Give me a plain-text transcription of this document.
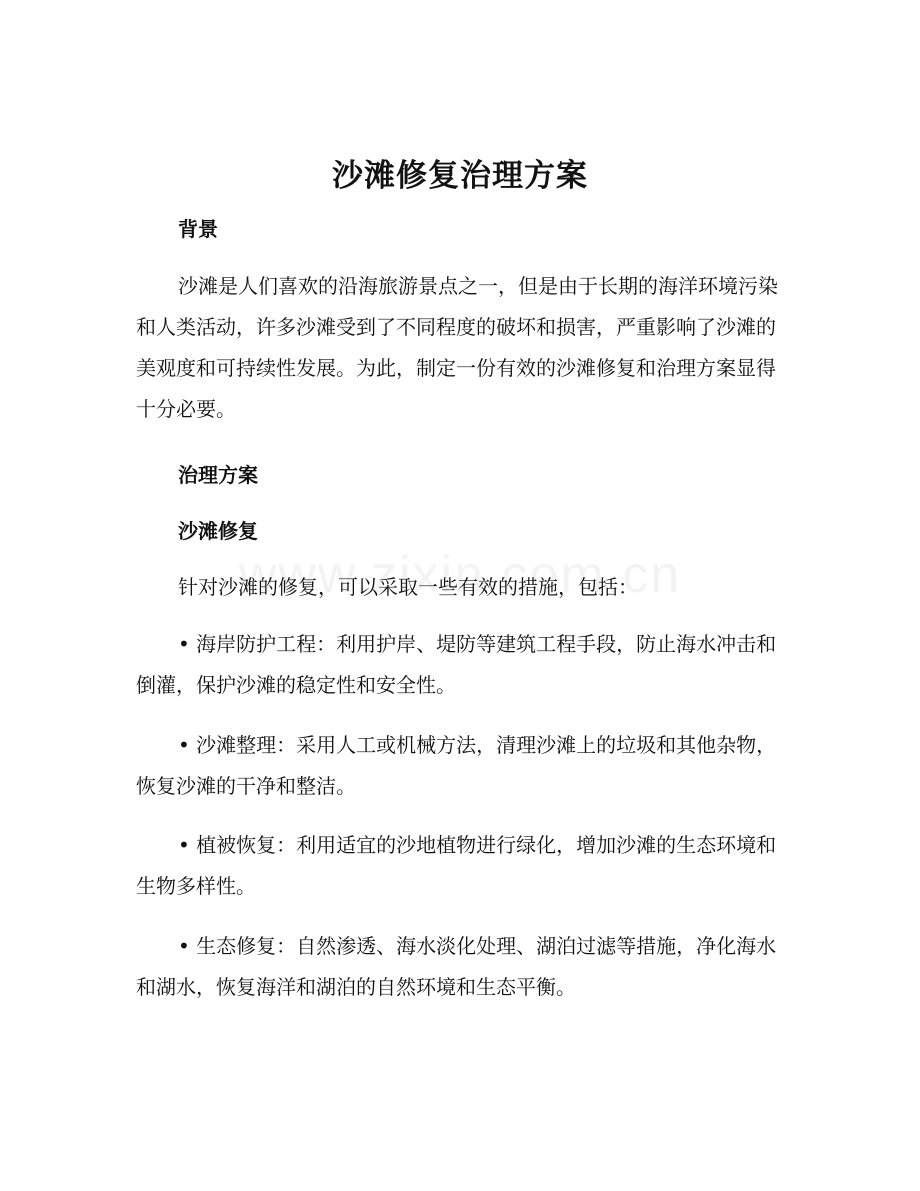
沙滩修复治理方案
背景

沙滩是人们喜欢的沿海旅游景点之一，但是由于长期的海洋环境污染和人类活动，许多沙滩受到了不同程度的破坏和损害，严重影响了沙滩的美观度和可持续性发展。为此，制定一份有效的沙滩修复和治理方案显得十分必要。

治理方案
沙滩修复

针对沙滩的修复，可以采取一些有效的措施，包括：

• 海岸防护工程：利用护岸、堤防等建筑工程手段，防止海水冲击和倒灌，保护沙滩的稳定性和安全性。

• 沙滩整理：采用人工或机械方法，清理沙滩上的垃圾和其他杂物，恢复沙滩的干净和整洁。

• 植被恢复：利用适宜的沙地植物进行绿化，增加沙滩的生态环境和生物多样性。

• 生态修复：自然渗透、海水淡化处理、湖泊过滤等措施，净化海水和湖水，恢复海洋和湖泊的自然环境和生态平衡。
